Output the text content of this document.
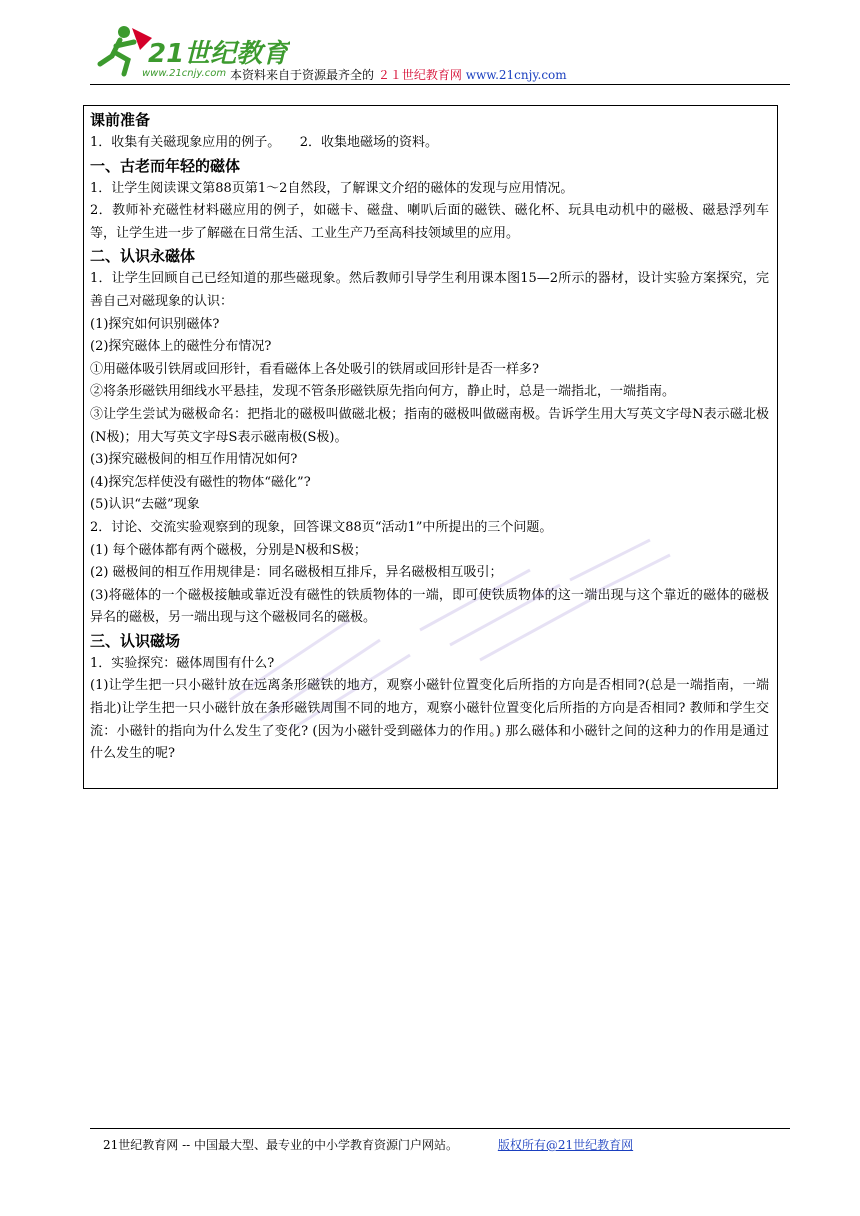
21世纪教育
www.21cnjy.com 本资料来自于资源最齐全的 ２１世纪教育网 www.21cnjy.com
课前准备

1．收集有关磁现象应用的例子。　　2．收集地磁场的资料。

一、古老而年轻的磁体

1．让学生阅读课文第88页第1～2自然段，了解课文介绍的磁体的发现与应用情况。

2．教师补充磁性材料磁应用的例子，如磁卡、磁盘、喇叭后面的磁铁、磁化杯、玩具电动机中的磁极、磁悬浮列车等，让学生进一步了解磁在日常生活、工业生产乃至高科技领域里的应用。

二、认识永磁体

1．让学生回顾自己已经知道的那些磁现象。然后教师引导学生利用课本图15—2所示的器材，设计实验方案探究，完善自己对磁现象的认识：

(1)探究如何识别磁体?

(2)探究磁体上的磁性分布情况?

①用磁体吸引铁屑或回形针，看看磁体上各处吸引的铁屑或回形针是否一样多?

②将条形磁铁用细线水平悬挂，发现不管条形磁铁原先指向何方，静止时，总是一端指北，一端指南。

③让学生尝试为磁极命名：把指北的磁极叫做磁北极；指南的磁极叫做磁南极。告诉学生用大写英文字母N表示磁北极(N极)；用大写英文字母S表示磁南极(S极)。

(3)探究磁极间的相互作用情况如何?

(4)探究怎样使没有磁性的物体“磁化”?

(5)认识“去磁”现象

2．讨论、交流实验观察到的现象，回答课文88页“活动1”中所提出的三个问题。

(1) 每个磁体都有两个磁极，分别是N极和S极；

(2) 磁极间的相互作用规律是：同名磁极相互排斥，异名磁极相互吸引；

(3)将磁体的一个磁极接触或靠近没有磁性的铁质物体的一端，即可使铁质物体的这一端出现与这个靠近的磁体的磁极异名的磁极，另一端出现与这个磁极同名的磁极。

三、认识磁场

1．实验探究：磁体周围有什么?

(1)让学生把一只小磁针放在远离条形磁铁的地方，观察小磁针位置变化后所指的方向是否相同?(总是一端指南，一端指北)让学生把一只小磁针放在条形磁铁周围不同的地方，观察小磁针位置变化后所指的方向是否相同? 教师和学生交流：小磁针的指向为什么发生了变化? (因为小磁针受到磁体力的作用。) 那么磁体和小磁针之间的这种力的作用是通过什么发生的呢?

21世纪教育网 -- 中国最大型、最专业的中小学教育资源门户网站。	版权所有@21世纪教育网
